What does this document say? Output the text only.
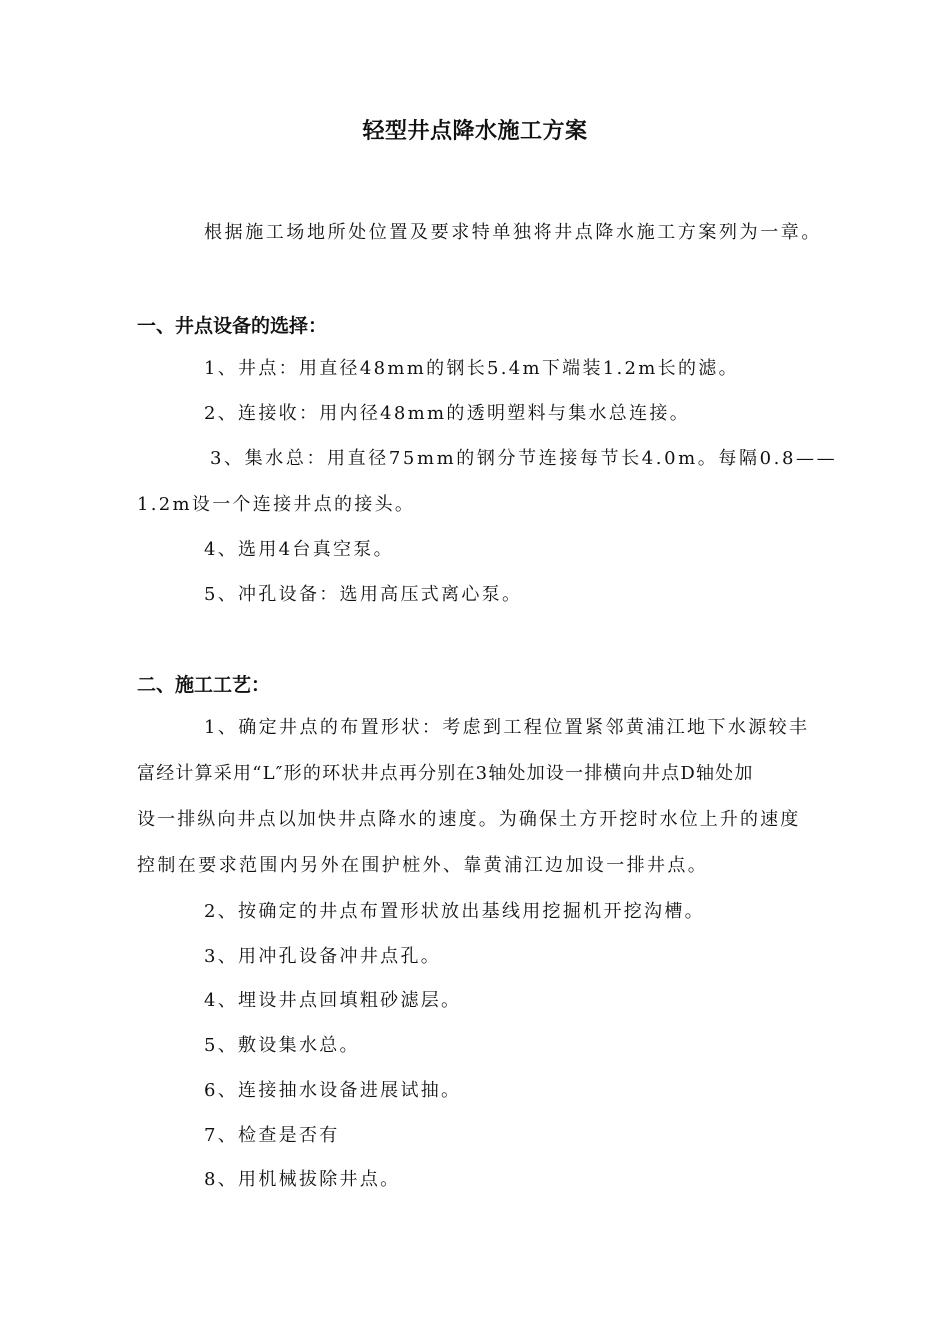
轻型井点降水施工方案

根据施工场地所处位置及要求特单独将井点降水施工方案列为一章。

一、井点设备的选择：

1、井点：用直径48mm的钢长5.4m下端装1.2m长的滤。

2、连接收：用内径48mm的透明塑料与集水总连接。

3、集水总：用直径75mm的钢分节连接每节长4.0m。每隔0.8——

1.2m设一个连接井点的接头。

4、选用4台真空泵。

5、冲孔设备：选用高压式离心泵。

二、施工工艺：

1、确定井点的布置形状：考虑到工程位置紧邻黄浦江地下水源较丰

富经计算采用“L″形的环状井点再分别在3轴处加设一排横向井点D轴处加

设一排纵向井点以加快井点降水的速度。为确保土方开挖时水位上升的速度

控制在要求范围内另外在围护桩外、靠黄浦江边加设一排井点。

2、按确定的井点布置形状放出基线用挖掘机开挖沟槽。

3、用冲孔设备冲井点孔。

4、埋设井点回填粗砂滤层。

5、敷设集水总。

6、连接抽水设备进展试抽。

7、检查是否有

8、用机械拔除井点。
